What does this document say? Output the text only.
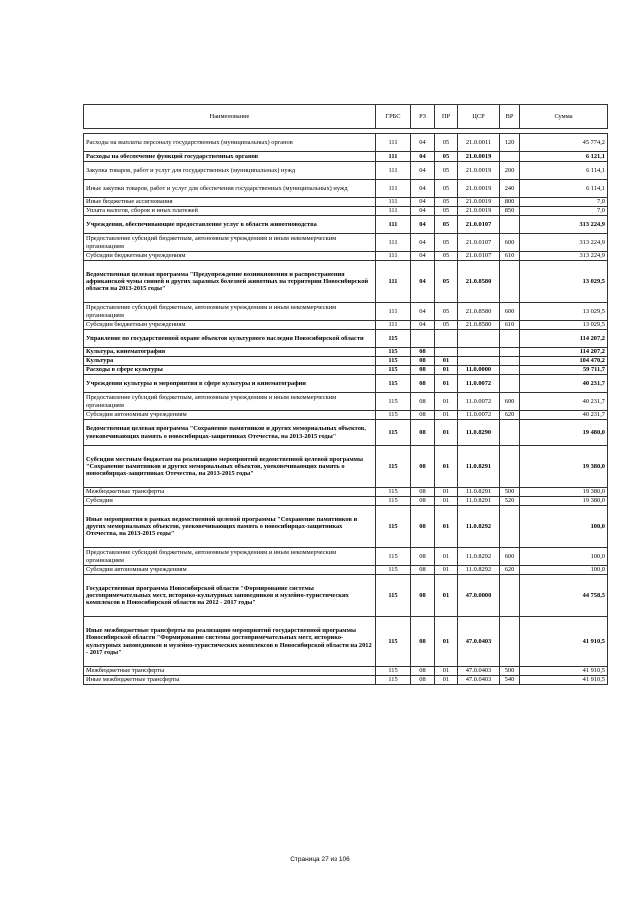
Наименование	ГРБС	РЗ	ПР	ЦСР	ВР	Сумма

Расходы на выплаты персоналу государственных (муниципальных) органов	111	04	05	21.0.0011	120	45 774,2
Расходы на обеспечение функций государственных органов	111	04	05	21.0.0019		6 121,1
Закупка товаров, работ и услуг для государственных (муниципальных) нужд	111	04	05	21.0.0019	200	6 114,1
Иные закупки товаров, работ и услуг для обеспечения государственных (муниципальных) нужд	111	04	05	21.0.0019	240	6 114,1
Иные бюджетные ассигнования	111	04	05	21.0.0019	800	7,0
Уплата налогов, сборов и иных платежей	111	04	05	21.0.0019	850	7,0
Учреждения, обеспечивающие предоставление услуг в области животноводства	111	04	05	21.0.0107		313 224,9
Предоставление субсидий бюджетным, автономным учреждениям и иным некоммерческим организациям	111	04	05	21.0.0107	600	313 224,9
Субсидии бюджетным учреждениям	111	04	05	21.0.0107	610	313 224,9
Ведомственная целевая программа "Предупреждение возникновения и распространения африканской чумы свиней и других заразных болезней животных на территории Новосибирской области на 2013-2015 годы"	111	04	05	21.0.8580		13 029,5
Предоставление субсидий бюджетным, автономным учреждениям и иным некоммерческим организациям	111	04	05	21.0.8580	600	13 029,5
Субсидии бюджетным учреждениям	111	04	05	21.0.8580	610	13 029,5
Управление по государственной охране объектов культурного наследия Новосибирской области	115					114 207,2
Культура, кинематография	115	08				114 207,2
Культура	115	08	01			104 470,2
Расходы в сфере культуры	115	08	01	11.0.0000		59 711,7
Учреждения культуры и мероприятия в сфере культуры и кинематографии	115	08	01	11.0.0072		40 231,7
Предоставление субсидий бюджетным, автономным учреждениям и иным некоммерческим организациям	115	08	01	11.0.0072	600	40 231,7
Субсидии автономным учреждениям	115	08	01	11.0.0072	620	40 231,7
Ведомственная целевая программа "Сохранение памятников и других мемориальных объектов, увековечивающих память о новосибирцах-защитниках Отечества, на 2013-2015 годы"	115	08	01	11.0.8290		19 480,0
Субсидии местным бюджетам на реализацию мероприятий ведомственной целевой программы "Сохранение памятников и других мемориальных объектов, увековечивающих память о новосибирцах-защитниках Отечества, на 2013-2015 годы"	115	08	01	11.0.8291		19 380,0
Межбюджетные трансферты	115	08	01	11.0.8291	500	19 380,0
Субсидии	115	08	01	11.0.8291	520	19 380,0
Иные мероприятия в рамках ведомственной целевой программы "Сохранение памятников и других мемориальных объектов, увековечивающих память о новосибирцах-защитниках Отечества, на 2013-2015 годы"	115	08	01	11.0.8292		100,0
Предоставление субсидий бюджетным, автономным учреждениям и иным некоммерческим организациям	115	08	01	11.0.8292	600	100,0
Субсидии автономным учреждениям	115	08	01	11.0.8292	620	100,0
Государственная программа Новосибирской области "Формирование системы достопримечательных мест, историко-культурных заповедников и музейно-туристических комплексов в Новосибирской области на 2012 - 2017 годы"	115	08	01	47.0.0000		44 758,5
Иные межбюджетные трансферты на реализацию мероприятий государственной программы Новосибирской области "Формирование системы достопримечательных мест, историко-культурных заповедников и музейно-туристических комплексов в Новосибирской области на 2012 - 2017 годы"	115	08	01	47.0.0403		41 910,5
Межбюджетные трансферты	115	08	01	47.0.0403	500	41 910,5
Иные межбюджетные трансферты	115	08	01	47.0.0403	540	41 910,5
Страница 27 из 106
